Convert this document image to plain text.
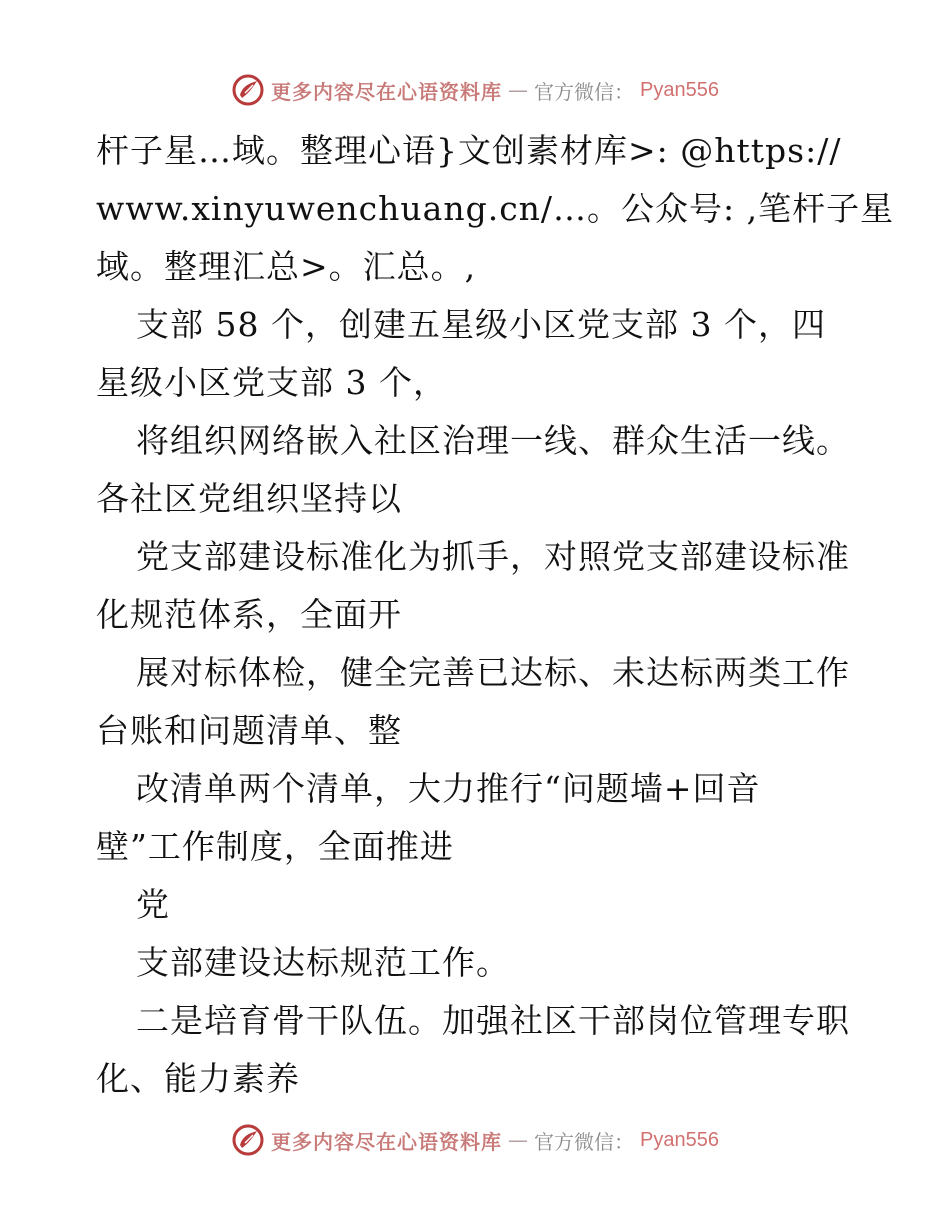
更多内容尽在心语资料库 — 官方微信： Pyan556
杆子星…域。整理心语}文创素材库>: @https://
www.xinyuwenchuang.cn/…。公众号: ,笔杆子星
域。整理汇总>。汇总。,
支部 58 个，创建五星级小区党支部 3 个，四
星级小区党支部 3 个，
将组织网络嵌入社区治理一线、群众生活一线。
各社区党组织坚持以
党支部建设标准化为抓手，对照党支部建设标准
化规范体系，全面开
展对标体检，健全完善已达标、未达标两类工作
台账和问题清单、整
改清单两个清单，大力推行“问题墙+回音
壁”工作制度，全面推进
党
支部建设达标规范工作。
二是培育骨干队伍。加强社区干部岗位管理专职
化、能力素养
更多内容尽在心语资料库 — 官方微信： Pyan556
